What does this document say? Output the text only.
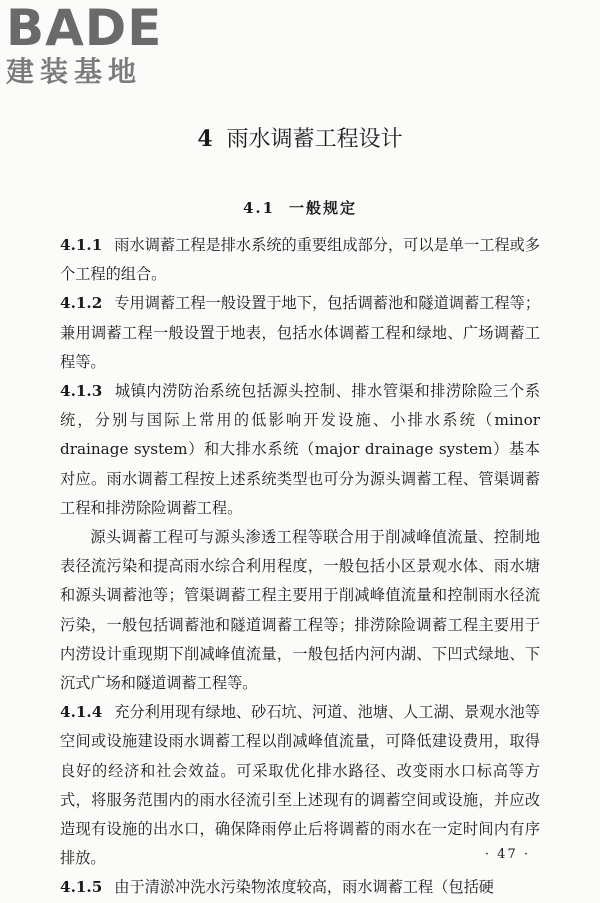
BADE
建装基地
4 雨水调蓄工程设计
4.1 一般规定

4.1.1 雨水调蓄工程是排水系统的重要组成部分，可以是单一工程或多个工程的组合。

4.1.2 专用调蓄工程一般设置于地下，包括调蓄池和隧道调蓄工程等；兼用调蓄工程一般设置于地表，包括水体调蓄工程和绿地、广场调蓄工程等。

4.1.3 城镇内涝防治系统包括源头控制、排水管渠和排涝除险三个系统，分别与国际上常用的低影响开发设施、小排水系统（minor drainage system）和大排水系统（major drainage system）基本对应。雨水调蓄工程按上述系统类型也可分为源头调蓄工程、管渠调蓄工程和排涝除险调蓄工程。

源头调蓄工程可与源头渗透工程等联合用于削减峰值流量、控制地表径流污染和提高雨水综合利用程度，一般包括小区景观水体、雨水塘和源头调蓄池等；管渠调蓄工程主要用于削减峰值流量和控制雨水径流污染，一般包括调蓄池和隧道调蓄工程等；排涝除险调蓄工程主要用于内涝设计重现期下削减峰值流量，一般包括内河内湖、下凹式绿地、下沉式广场和隧道调蓄工程等。

4.1.4 充分利用现有绿地、砂石坑、河道、池塘、人工湖、景观水池等空间或设施建设雨水调蓄工程以削减峰值流量，可降低建设费用，取得良好的经济和社会效益。可采取优化排水路径、改变雨水口标高等方式，将服务范围内的雨水径流引至上述现有的调蓄空间或设施，并应改造现有设施的出水口，确保降雨停止后将调蓄的雨水在一定时间内有序排放。

4.1.5 由于清淤冲洗水污染物浓度较高，雨水调蓄工程（包括硬

· 47 ·
